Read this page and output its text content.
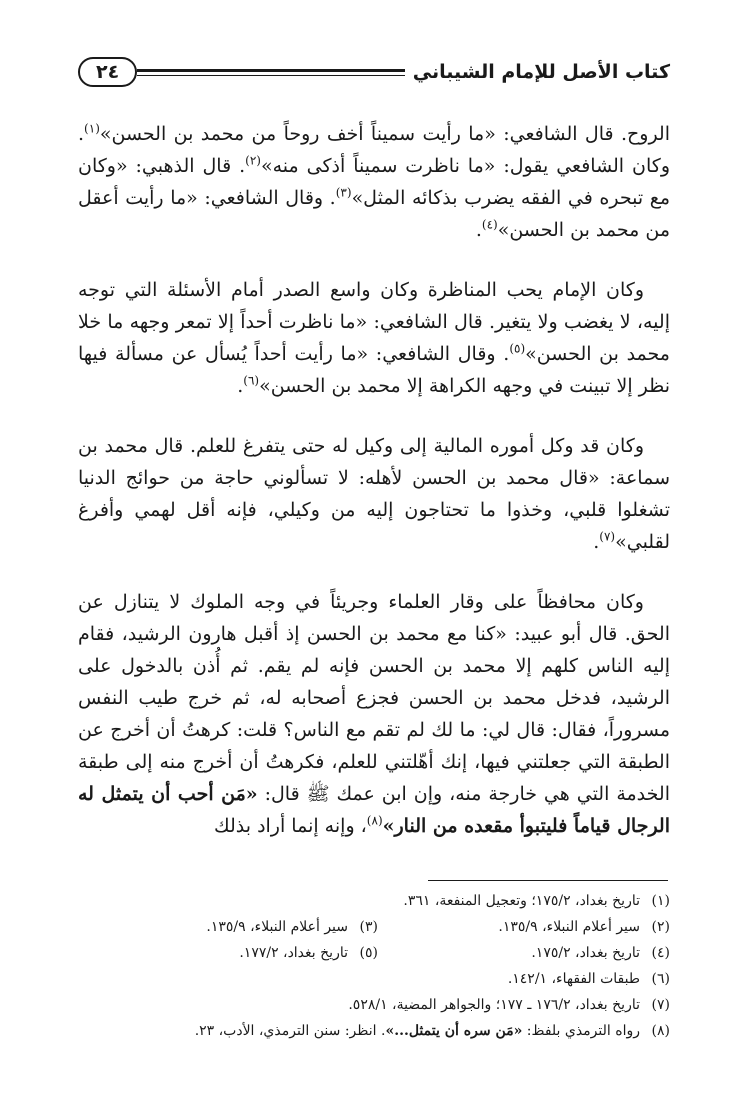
كتاب الأصل للإمام الشيباني
٢٤

الروح. قال الشافعي: «ما رأيت سميناً أخف روحاً من محمد بن الحسن»$^{(١)}$. وكان الشافعي يقول: «ما ناظرت سميناً أذكى منه»$^{(٢)}$. قال الذهبي: «وكان مع تبحره في الفقه يضرب بذكائه المثل»$^{(٣)}$. وقال الشافعي: «ما رأيت أعقل من محمد بن الحسن»$^{(٤)}$.

وكان الإمام يحب المناظرة وكان واسع الصدر أمام الأسئلة التي توجه إليه، لا يغضب ولا يتغير. قال الشافعي: «ما ناظرت أحداً إلا تمعر وجهه ما خلا محمد بن الحسن»$^{(٥)}$. وقال الشافعي: «ما رأيت أحداً يُسأل عن مسألة فيها نظر إلا تبينت في وجهه الكراهة إلا محمد بن الحسن»$^{(٦)}$.

وكان قد وكل أموره المالية إلى وكيل له حتى يتفرغ للعلم. قال محمد بن سماعة: «قال محمد بن الحسن لأهله: لا تسألوني حاجة من حوائج الدنيا تشغلوا قلبي، وخذوا ما تحتاجون إليه من وكيلي، فإنه أقل لهمي وأفرغ لقلبي»$^{(٧)}$.

وكان محافظاً على وقار العلماء وجريئاً في وجه الملوك لا يتنازل عن الحق. قال أبو عبيد: «كنا مع محمد بن الحسن إذ أقبل هارون الرشيد، فقام إليه الناس كلهم إلا محمد بن الحسن فإنه لم يقم. ثم أُذن بالدخول على الرشيد، فدخل محمد بن الحسن فجزع أصحابه له، ثم خرج طيب النفس مسروراً، فقال: قال لي: ما لك لم تقم مع الناس؟ قلت: كرهتُ أن أخرج عن الطبقة التي جعلتني فيها، إنك أهّلتني للعلم، فكرهتُ أن أخرج منه إلى طبقة الخدمة التي هي خارجة منه، وإن ابن عمك ﷺ قال: «مَن أحب أن يتمثل له الرجال قياماً فليتبوأ مقعده من النار»$^{(٨)}$، وإنه إنما أراد بذلك

(١)
تاريخ بغداد، ١٧٥/٢؛ وتعجيل المنفعة، ٣٦١.
(٢)
سير أعلام النبلاء، ١٣٥/٩.
(٣)
سير أعلام النبلاء، ١٣٥/٩.
(٤)
تاريخ بغداد، ١٧٥/٢.
(٥)
تاريخ بغداد، ١٧٧/٢.
(٦)
طبقات الفقهاء، ١٤٢/١.
(٧)
تاريخ بغداد، ١٧٦/٢ ـ ١٧٧؛ والجواهر المضية، ٥٢٨/١.
(٨)
رواه الترمذي بلفظ: «مَن سره أن يتمثل...». انظر: سنن الترمذي، الأدب، ٢٣.
